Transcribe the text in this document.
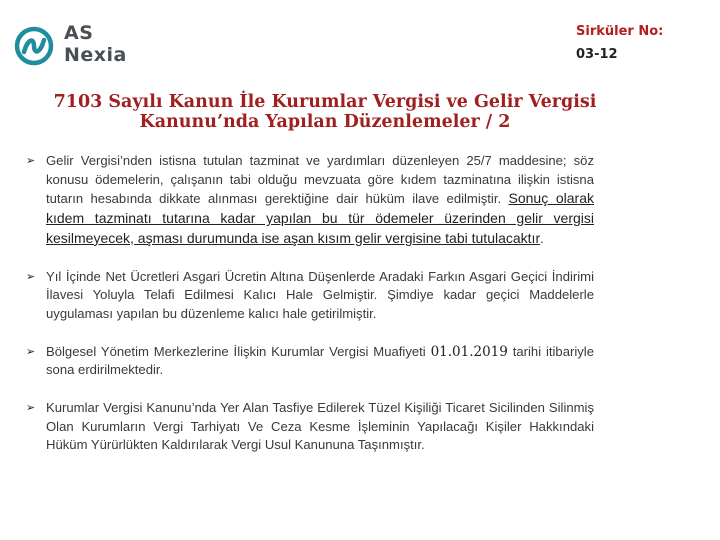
AS
Nexia
Sirküler No:
03-12
7103 Sayılı Kanun İle Kurumlar Vergisi ve Gelir Vergisi
Kanunu’nda Yapılan Düzenlemeler / 2
➢ Gelir Vergisi’nden istisna tutulan tazminat ve yardımları düzenleyen 25/7 maddesine; söz konusu ödemelerin, çalışanın tabi olduğu mevzuata göre kıdem tazminatına ilişkin istisna tutarın hesabında dikkate alınması gerektiğine dair hüküm ilave edilmiştir. Sonuç olarak kıdem tazminatı tutarına kadar yapılan bu tür ödemeler üzerinden gelir vergisi kesilmeyecek, aşması durumunda ise aşan kısım gelir vergisine tabi tutulacaktır.
➢ Yıl İçinde Net Ücretleri Asgari Ücretin Altına Düşenlerde Aradaki Farkın Asgari Geçici İndirimi İlavesi Yoluyla Telafi Edilmesi Kalıcı Hale Gelmiştir. Şimdiye kadar geçici Maddelerle uygulaması yapılan bu düzenleme kalıcı hale getirilmiştir.
➢ Bölgesel Yönetim Merkezlerine İlişkin Kurumlar Vergisi Muafiyeti 01.01.2019 tarihi itibariyle sona erdirilmektedir.
➢ Kurumlar Vergisi Kanunu’nda Yer Alan Tasfiye Edilerek Tüzel Kişiliği Ticaret Sicilinden Silinmiş Olan Kurumların Vergi Tarhiyatı Ve Ceza Kesme İşleminin Yapılacağı Kişiler Hakkındaki Hüküm Yürürlükten Kaldırılarak Vergi Usul Kanununa Taşınmıştır.
